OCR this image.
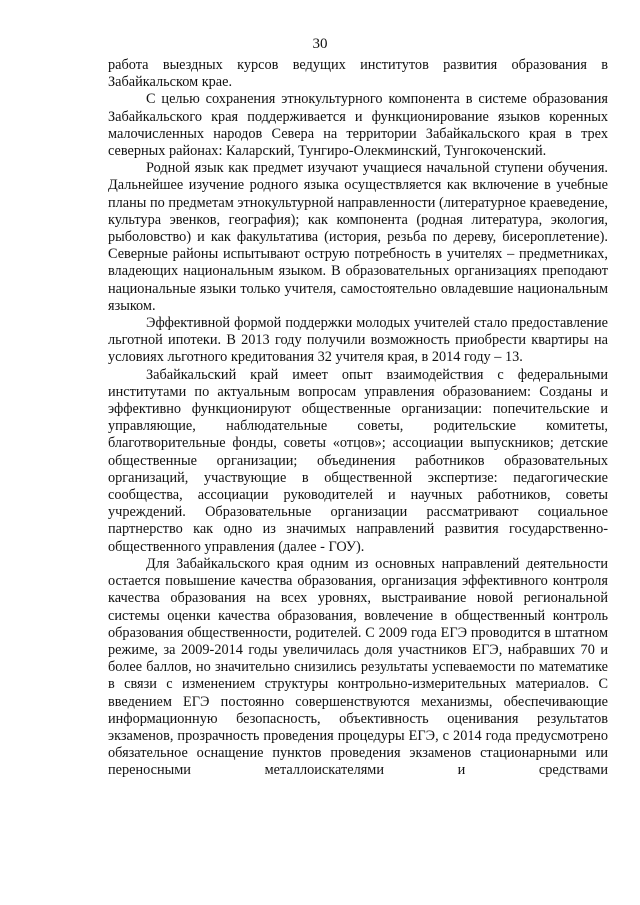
30

работа выездных курсов ведущих институтов развития образования в Забайкальском крае.

С целью сохранения этнокультурного компонента в системе образования Забайкальского края поддерживается и функционирование языков коренных малочисленных народов Севера на территории Забайкальского края в трех северных районах: Каларский, Тунгиро-Олекминский, Тунгокоченский.

Родной язык как предмет изучают учащиеся начальной ступени обучения. Дальнейшее изучение родного языка осуществляется как включение в учебные планы по предметам этнокультурной направленности (литературное краеведение, культура эвенков, география); как компонента (родная литература, экология, рыболовство) и как факультатива (история, резьба по дереву, бисероплетение). Северные районы испытывают острую потребность в учителях – предметниках, владеющих национальным языком. В образовательных организациях преподают национальные языки только учителя, самостоятельно овладевшие национальным языком.

Эффективной формой поддержки молодых учителей стало предоставление льготной ипотеки. В 2013 году получили возможность приобрести квартиры на условиях льготного кредитования 32 учителя края, в 2014 году – 13.

Забайкальский край имеет опыт взаимодействия с федеральными институтами по актуальным вопросам управления образованием: Созданы и эффективно функционируют общественные организации: попечительские и управляющие, наблюдательные советы, родительские комитеты, благотворительные фонды, советы «отцов»; ассоциации выпускников; детские общественные организации; объединения работников образовательных организаций, участвующие в общественной экспертизе: педагогические сообщества, ассоциации руководителей и научных работников, советы учреждений. Образовательные организации рассматривают социальное партнерство как одно из значимых направлений развития государственно-общественного управления (далее - ГОУ).

Для Забайкальского края одним из основных направлений деятельности остается повышение качества образования, организация эффективного контроля качества образования на всех уровнях, выстраивание новой региональной системы оценки качества образования, вовлечение в общественный контроль образования общественности, родителей. С 2009 года ЕГЭ проводится в штатном режиме, за 2009-2014 годы увеличилась доля участников ЕГЭ, набравших 70 и более баллов, но значительно снизились результаты успеваемости по математике в связи с изменением структуры контрольно-измерительных материалов. С введением ЕГЭ постоянно совершенствуются механизмы, обеспечивающие информационную безопасность, объективность оценивания результатов экзаменов, прозрачность проведения процедуры ЕГЭ, с 2014 года предусмотрено обязательное оснащение пунктов проведения экзаменов стационарными или переносными металлоискателями и средствами
